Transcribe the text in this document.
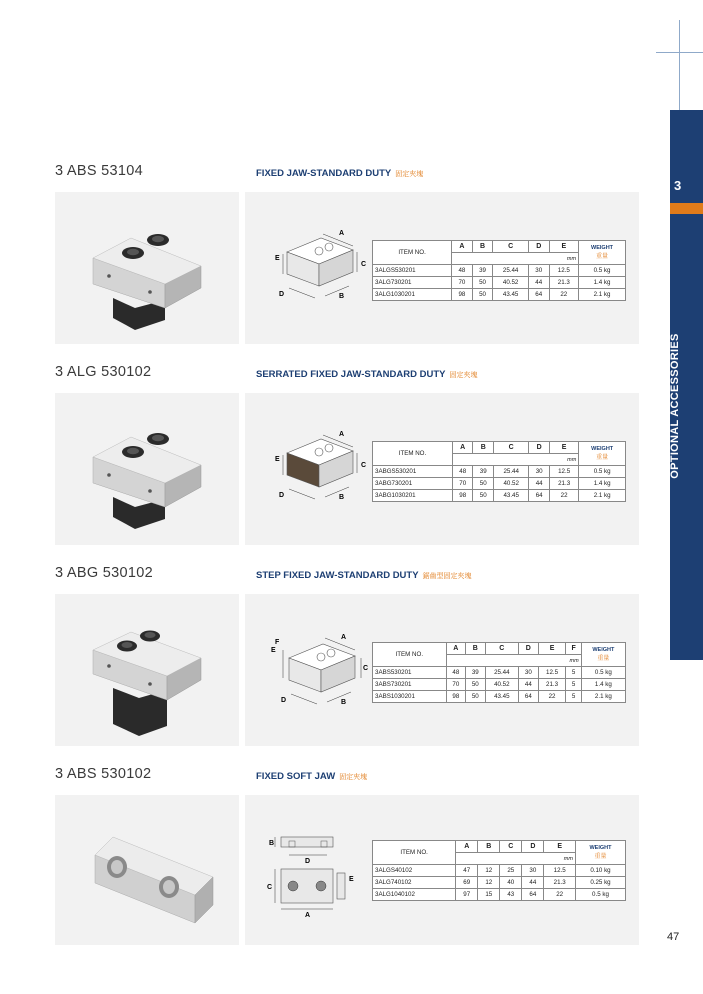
3
OPTIONAL ACCESSORIES
3 ABS 53104	FIXED JAW-STANDARD DUTY 固定夾塊
E
A
C
D	B
ITEM NO.	A	B	C	D	E	WEIGHT
重量

	mm					
3ALGS530201	48	39	25.44	30	12.5	0.5 kg
3ALG730201	70	50	40.52	44	21.3	1.4 kg
3ALG1030201	98	50	43.45	64	22	2.1 kg
3 ALG 530102	SERRATED FIXED JAW-STANDARD DUTY 固定夾塊
E
A
C
D	B
ITEM NO.	A	B	C	D	E	WEIGHT
重量

	mm					
3ABGS530201	48	39	25.44	30	12.5	0.5 kg
3ABG730201	70	50	40.52	44	21.3	1.4 kg
3ABG1030201	98	50	43.45	64	22	2.1 kg
3 ABG 530102	STEP FIXED JAW-STANDARD DUTY 鋸齒型固定夾塊
E
F
A
C
D	B
ITEM NO.	A	B	C	D	E	F	WEIGHT
重量

	mm						
3ABS530201	48	39	25.44	30	12.5	5	0.5 kg
3ABS730201	70	50	40.52	44	21.3	5	1.4 kg
3ABS1030201	98	50	43.45	64	22	5	2.1 kg
3 ABS 530102	FIXED SOFT JAW 固定夾塊
B
D
C
E
A
ITEM NO.	A	B	C	D	E	WEIGHT
重量

	mm					
3ALGS40102	47	12	25	30	12.5	0.10 kg
3ALG740102	69	12	40	44	21.3	0.25 kg
3ALG1040102	97	15	43	64	22	0.5 kg
47
